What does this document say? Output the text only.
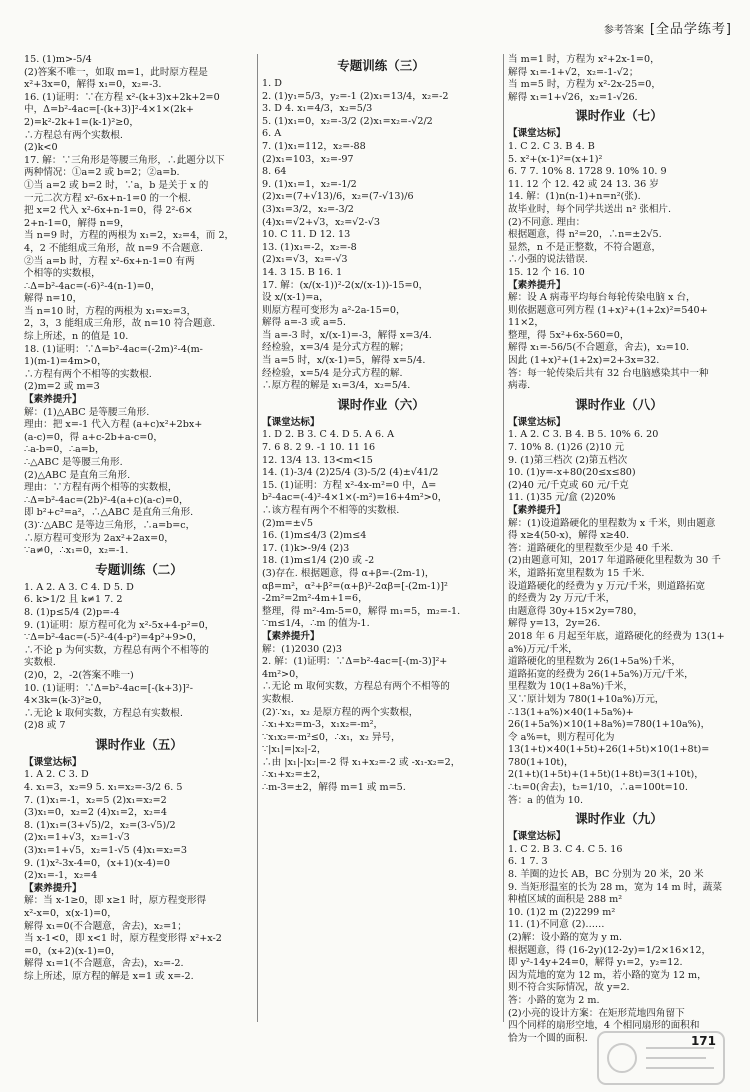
参考答案 [全品学练考]
15. (1)m>-5/4
(2)答案不唯一，如取 m=1，此时原方程是
x²+3x=0，解得 x₁=0，x₂=-3.
16. (1)证明：∵在方程 x²-(k+3)x+2k+2=0
中，Δ=b²-4ac=[-(k+3)]²-4×1×(2k+
2)=k²-2k+1=(k-1)²≥0，
∴方程总有两个实数根.
(2)k<0
17. 解：∵三角形是等腰三角形，∴此题分以下
两种情况：①a=2 或 b=2；②a=b.
①当 a=2 或 b=2 时，∵a，b 是关于 x 的
一元二次方程 x²-6x+n-1=0 的一个根.
把 x=2 代入 x²-6x+n-1=0，得 2²-6×
2+n-1=0，解得 n=9，
当 n=9 时，方程的两根为 x₁=2，x₂=4，而 2，
4，2 不能组成三角形，故 n=9 不合题意.
②当 a=b 时，方程 x²-6x+n-1=0 有两
个相等的实数根，
∴Δ=b²-4ac=(-6)²-4(n-1)=0，
解得 n=10，
当 n=10 时，方程的两根为 x₁=x₂=3，
2，3，3 能组成三角形，故 n=10 符合题意.
综上所述，n 的值是 10.
18. (1)证明：∵Δ=b²-4ac=(-2m)²-4(m-
1)(m-1)=4m>0，
∴方程有两个不相等的实数根.
(2)m=2 或 m=3
【素养提升】
解：(1)△ABC 是等腰三角形.
理由：把 x=-1 代入方程 (a+c)x²+2bx+
(a-c)=0，得 a+c-2b+a-c=0，
∴a-b=0，∴a=b，
∴△ABC 是等腰三角形.
(2)△ABC 是直角三角形.
理由：∵方程有两个相等的实数根，
∴Δ=b²-4ac=(2b)²-4(a+c)(a-c)=0，
即 b²+c²=a²，∴△ABC 是直角三角形.
(3)∵△ABC 是等边三角形，∴a=b=c，
∴原方程可变形为 2ax²+2ax=0，
∵a≠0，∴x₁=0，x₂=-1.
专题训练（二）
1. A 2. A 3. C 4. D 5. D
6. k>1/2 且 k≠1 7. 2
8. (1)p≤5/4 (2)p=-4
9. (1)证明：原方程可化为 x²-5x+4-p²=0，
∵Δ=b²-4ac=(-5)²-4(4-p²)=4p²+9>0，
∴不论 p 为何实数，方程总有两个不相等的
实数根.
(2)0，2，-2(答案不唯一)
10. (1)证明：∵Δ=b²-4ac=[-(k+3)]²-
4×3k=(k-3)²≥0，
∴无论 k 取何实数，方程总有实数根.
(2)8 或 7
课时作业（五）
【课堂达标】
1. A 2. C 3. D
4. x₁=3，x₂=9 5. x₁=x₂=-3/2 6. 5
7. (1)x₁=-1，x₂=5 (2)x₁=x₂=2
(3)x₁=0，x₂=2 (4)x₁=2，x₂=4
8. (1)x₁=(3+√5)/2，x₂=(3-√5)/2
(2)x₁=1+√3，x₂=1-√3
(3)x₁=1+√5，x₂=1-√5 (4)x₁=x₂=3
9. (1)x²-3x-4=0，(x+1)(x-4)=0
(2)x₁=-1，x₂=4
【素养提升】
解：当 x-1≥0，即 x≥1 时，原方程变形得
x²-x=0，x(x-1)=0，
解得 x₁=0(不合题意，舍去)，x₂=1；
当 x-1<0，即 x<1 时，原方程变形得 x²+x-2
=0，(x+2)(x-1)=0，
解得 x₁=1(不合题意，舍去)，x₂=-2.
综上所述，原方程的解是 x=1 或 x=-2.
专题训练（三）
1. D
2. (1)y₁=5/3，y₂=-1 (2)x₁=13/4，x₂=-2
3. D 4. x₁=4/3，x₂=5/3
5. (1)x₁=0，x₂=-3/2 (2)x₁=x₂=-√2/2
6. A
7. (1)x₁=112，x₂=-88
(2)x₁=103，x₂=-97
8. 64
9. (1)x₁=1，x₂=-1/2
(2)x₁=(7+√13)/6，x₂=(7-√13)/6
(3)x₁=3/2，x₂=-3/2
(4)x₁=√2+√3，x₂=√2-√3
10. C 11. D 12. 13
13. (1)x₁=-2，x₂=-8
(2)x₁=√3，x₂=-√3
14. 3 15. B 16. 1
17. 解：(x/(x-1))²-2(x/(x-1))-15=0，
设 x/(x-1)=a，
则原方程可变形为 a²-2a-15=0，
解得 a=-3 或 a=5.
当 a=-3 时，x/(x-1)=-3，解得 x=3/4.
经检验，x=3/4 是分式方程的解；
当 a=5 时，x/(x-1)=5，解得 x=5/4.
经检验，x=5/4 是分式方程的解.
∴原方程的解是 x₁=3/4，x₂=5/4.
课时作业（六）
【课堂达标】
1. D 2. B 3. C 4. D 5. A 6. A
7. 6 8. 2 9. -1 10. 11 16
12. 13/4 13. 13<m<15
14. (1)-3/4 (2)25/4 (3)-5/2 (4)±√41/2
15. (1)证明：方程 x²-4x-m²=0 中，Δ=
b²-4ac=(-4)²-4×1×(-m²)=16+4m²>0，
∴该方程有两个不相等的实数根.
(2)m=±√5
16. (1)m≤4/3 (2)m≤4
17. (1)k>-9/4 (2)3
18. (1)m≤1/4 (2)0 或 -2
(3)存在. 根据题意，得 α+β=-(2m-1)，
αβ=m²，α²+β²=(α+β)²-2αβ=[-(2m-1)]²
-2m²=2m²-4m+1=6，
整理，得 m²-4m-5=0，解得 m₁=5，m₂=-1.
∵m≤1/4，∴m 的值为-1.
【素养提升】
解：(1)2030 (2)3
2. 解：(1)证明：∵Δ=b²-4ac=[-(m-3)]²+
4m²>0，
∴无论 m 取何实数，方程总有两个不相等的
实数根.
(2)∵x₁，x₂ 是原方程的两个实数根，
∴x₁+x₂=m-3，x₁x₂=-m²，
∵x₁x₂=-m²≤0，∴x₁，x₂ 异号，
∵|x₁|=|x₂|-2，
∴由 |x₁|-|x₂|=-2 得 x₁+x₂=-2 或 -x₁-x₂=2，
∴x₁+x₂=±2，
∴m-3=±2，解得 m=1 或 m=5.
当 m=1 时，方程为 x²+2x-1=0，
解得 x₁=-1+√2，x₂=-1-√2；
当 m=5 时，方程为 x²-2x-25=0，
解得 x₁=1+√26，x₂=1-√26.
课时作业（七）
【课堂达标】
1. C 2. C 3. B 4. B
5. x²+(x-1)²=(x+1)²
6. 7 7. 10% 8. 1728 9. 10% 10. 9
11. 12 个 12. 42 或 24 13. 36 岁
14. 解：(1)n(n-1)+n=n²(张).
故毕业时，每个同学共送出 n² 张相片.
(2)不同意. 理由：
根据题意，得 n²=20，∴n=±2√5.
显然，n 不是正整数，不符合题意，
∴小强的说法错误.
15. 12 个 16. 10
【素养提升】
解：设 A 病毒平均每台每轮传染电脑 x 台，
则依据题意可列方程 (1+x)²+(1+2x)²=540+
11×2，
整理，得 5x²+6x-560=0，
解得 x₁=-56/5(不合题意，舍去)，x₂=10.
因此 (1+x)²+(1+2x)=2+3x=32.
答：每一轮传染后共有 32 台电脑感染其中一种
病毒.
课时作业（八）
【课堂达标】
1. A 2. C 3. B 4. B 5. 10% 6. 20
7. 10% 8. (1)26 (2)10 元
9. (1)第三档次 (2)第五档次
10. (1)y=-x+80(20≤x≤80)
(2)40 元/千克或 60 元/千克
11. (1)35 元/盒 (2)20%
【素养提升】
解：(1)设道路硬化的里程数为 x 千米，则由题意
得 x≥4(50-x)，解得 x≥40.
答：道路硬化的里程数至少是 40 千米.
(2)由题意可知，2017 年道路硬化里程数为 30 千
米，道路拓宽里程数为 15 千米.
设道路硬化的经费为 y 万元/千米，则道路拓宽
的经费为 2y 万元/千米，
由题意得 30y+15×2y=780，
解得 y=13，2y=26.
2018 年 6 月起至年底，道路硬化的经费为 13(1+
a%)万元/千米，
道路硬化的里程数为 26(1+5a%)千米，
道路拓宽的经费为 26(1+5a%)万元/千米，
里程数为 10(1+8a%)千米，
又∵原计划为 780(1+10a%)万元，
∴13(1+a%)×40(1+5a%)+
26(1+5a%)×10(1+8a%)=780(1+10a%)，
令 a%=t，则方程可化为
13(1+t)×40(1+5t)+26(1+5t)×10(1+8t)=
780(1+10t)，
2(1+t)(1+5t)+(1+5t)(1+8t)=3(1+10t)，
∴t₁=0(舍去)，t₂=1/10，∴a=100t=10.
答：a 的值为 10.
课时作业（九）
【课堂达标】
1. C 2. B 3. C 4. C 5. 16
6. 1 7. 3
8. 羊圈的边长 AB，BC 分别为 20 米，20 米
9. 当矩形温室的长为 28 m，宽为 14 m 时，蔬菜
种植区域的面积是 288 m²
10. (1)2 m (2)2299 m²
11. (1)不同意 (2)……
(2)解：设小路的宽为 y m.
根据题意，得 (16-2y)(12-2y)=1/2×16×12，
即 y²-14y+24=0，解得 y₁=2，y₂=12.
因为荒地的宽为 12 m，若小路的宽为 12 m，
则不符合实际情况，故 y=2.
答：小路的宽为 2 m.
(2)小亮的设计方案：在矩形荒地四角留下
四个同样的扇形空地，4 个相同扇形的面积和
恰为一个圆的面积.	171
